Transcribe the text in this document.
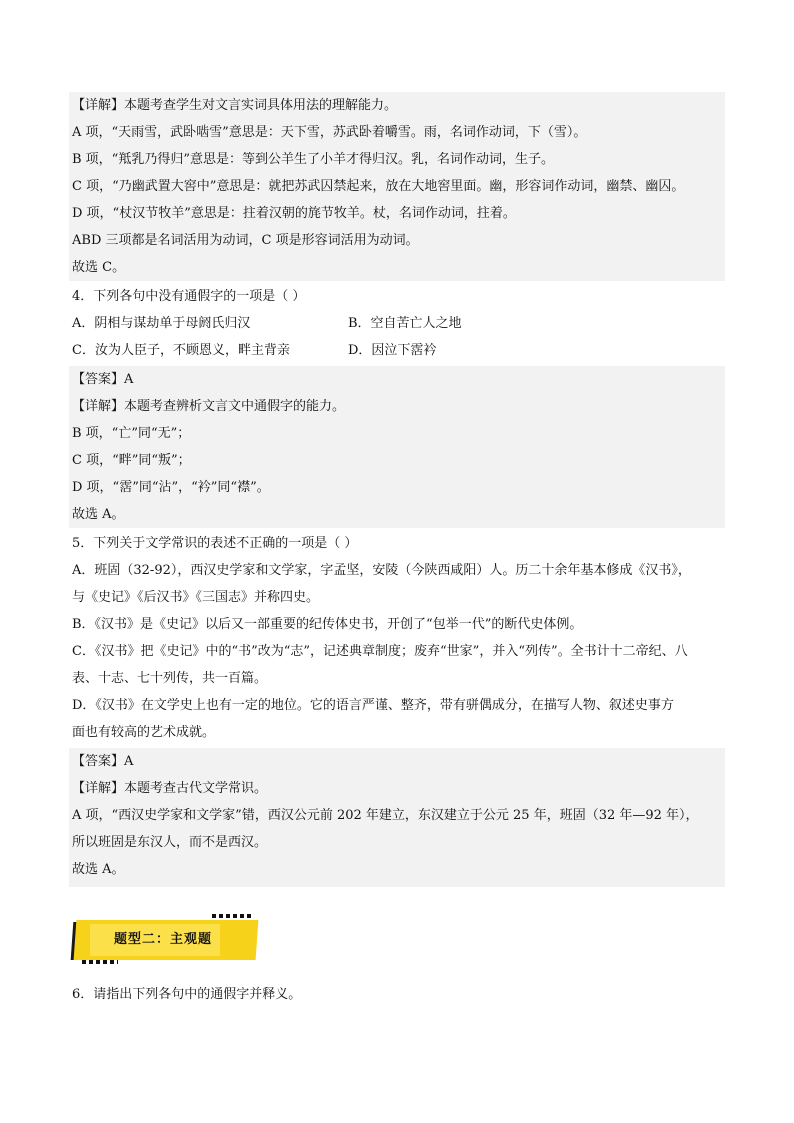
【详解】本题考查学生对文言实词具体用法的理解能力。
A 项，“天雨雪，武卧啮雪”意思是：天下雪，苏武卧着嚼雪。雨，名词作动词，下（雪）。
B 项，“羝乳乃得归”意思是：等到公羊生了小羊才得归汉。乳，名词作动词，生子。
C 项，“乃幽武置大窖中”意思是：就把苏武囚禁起来，放在大地窖里面。幽，形容词作动词，幽禁、幽囚。
D 项，“杖汉节牧羊”意思是：拄着汉朝的旄节牧羊。杖，名词作动词，拄着。
ABD 三项都是名词活用为动词，C 项是形容词活用为动词。
故选 C。
4．下列各句中没有通假字的一项是（ ）
A．阴相与谋劫单于母阏氏归汉	B．空自苦亡人之地
C．汝为人臣子，不顾恩义，畔主背亲	D．因泣下霑衿
【答案】A
【详解】本题考查辨析文言文中通假字的能力。
B 项，“亡”同“无”；
C 项，“畔”同“叛”；
D 项，“霑”同“沾”，“衿”同“襟”。
故选 A。
5．下列关于文学常识的表述不正确的一项是（ ）
A．班固（32-92），西汉史学家和文学家，字孟坚，安陵（今陕西咸阳）人。历二十余年基本修成《汉书》，
与《史记》《后汉书》《三国志》并称四史。
B．《汉书》是《史记》以后又一部重要的纪传体史书，开创了“包举一代”的断代史体例。
C．《汉书》把《史记》中的“书”改为“志”，记述典章制度；废弃“世家”，并入“列传”。全书计十二帝纪、八
表、十志、七十列传，共一百篇。
D．《汉书》在文学史上也有一定的地位。它的语言严谨、整齐，带有骈偶成分，在描写人物、叙述史事方
面也有较高的艺术成就。
【答案】A
【详解】本题考查古代文学常识。
A 项，“西汉史学家和文学家”错，西汉公元前 202 年建立，东汉建立于公元 25 年，班固（32 年—92 年），
所以班固是东汉人，而不是西汉。
故选 A。
题型二：主观题
6．请指出下列各句中的通假字并释义。
